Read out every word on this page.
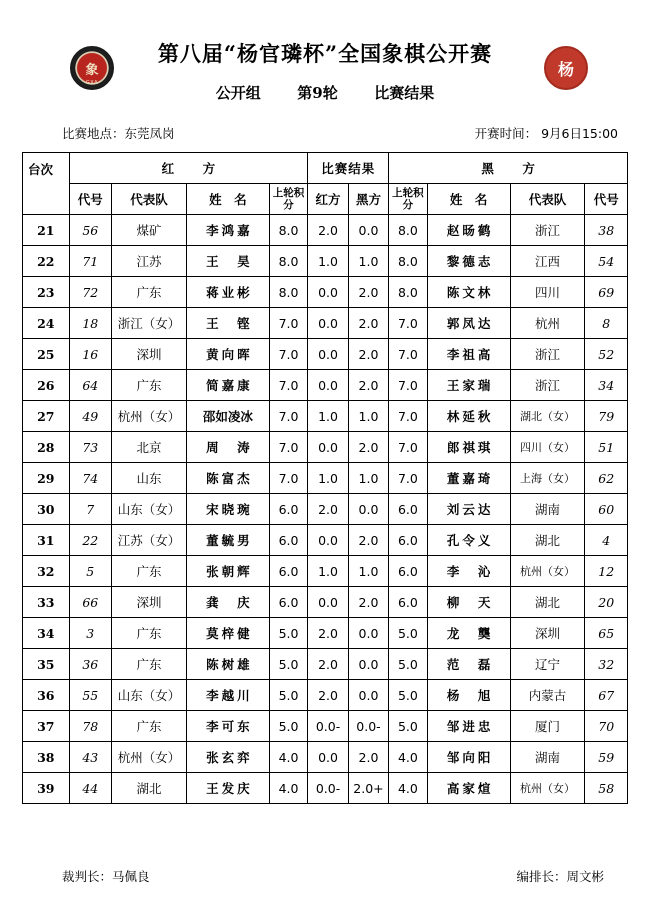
象
GXA
杨
第八届“杨官璘杯”全国象棋公开赛
公开组 第9轮 比赛结果
比赛地点：东莞凤岗	开赛时间： 9月6日15:00
台次	红　方				比赛结果		黑　方			
	代号	代表队	姓　名	上轮积分	红方	黑方	上轮积分	姓　名	代表队	代号
21	56	煤矿	李鸿嘉	8.0	2.0	0.0	8.0	赵旸鹤	浙江	38
22	71	江苏	王　昊	8.0	1.0	1.0	8.0	黎德志	江西	54
23	72	广东	蒋业彬	8.0	0.0	2.0	8.0	陈文林	四川	69
24	18	浙江（女）	王　铿	7.0	0.0	2.0	7.0	郭凤达	杭州	8
25	16	深圳	黄向晖	7.0	0.0	2.0	7.0	李祖高	浙江	52
26	64	广东	简嘉康	7.0	0.0	2.0	7.0	王家瑞	浙江	34
27	49	杭州（女）	邵如凌冰	7.0	1.0	1.0	7.0	林延秋	湖北（女）	79
28	73	北京	周　涛	7.0	0.0	2.0	7.0	郎祺琪	四川（女）	51
29	74	山东	陈富杰	7.0	1.0	1.0	7.0	董嘉琦	上海（女）	62
30	7	山东（女）	宋晓琬	6.0	2.0	0.0	6.0	刘云达	湖南	60
31	22	江苏（女）	董毓男	6.0	0.0	2.0	6.0	孔令义	湖北	4
32	5	广东	张朝辉	6.0	1.0	1.0	6.0	李　沁	杭州（女）	12
33	66	深圳	龚　庆	6.0	0.0	2.0	6.0	柳　天	湖北	20
34	3	广东	莫梓健	5.0	2.0	0.0	5.0	龙　龑	深圳	65
35	36	广东	陈树雄	5.0	2.0	0.0	5.0	范　磊	辽宁	32
36	55	山东（女）	李越川	5.0	2.0	0.0	5.0	杨　旭	内蒙古	67
37	78	广东	李可东	5.0	0.0-	0.0-	5.0	邹进忠	厦门	70
38	43	杭州（女）	张玄弈	4.0	0.0	2.0	4.0	邹向阳	湖南	59
39	44	湖北	王发庆	4.0	0.0-	2.0+	4.0	高家煊	杭州（女）	58
裁判长：马佩良	编排长：周文彬
